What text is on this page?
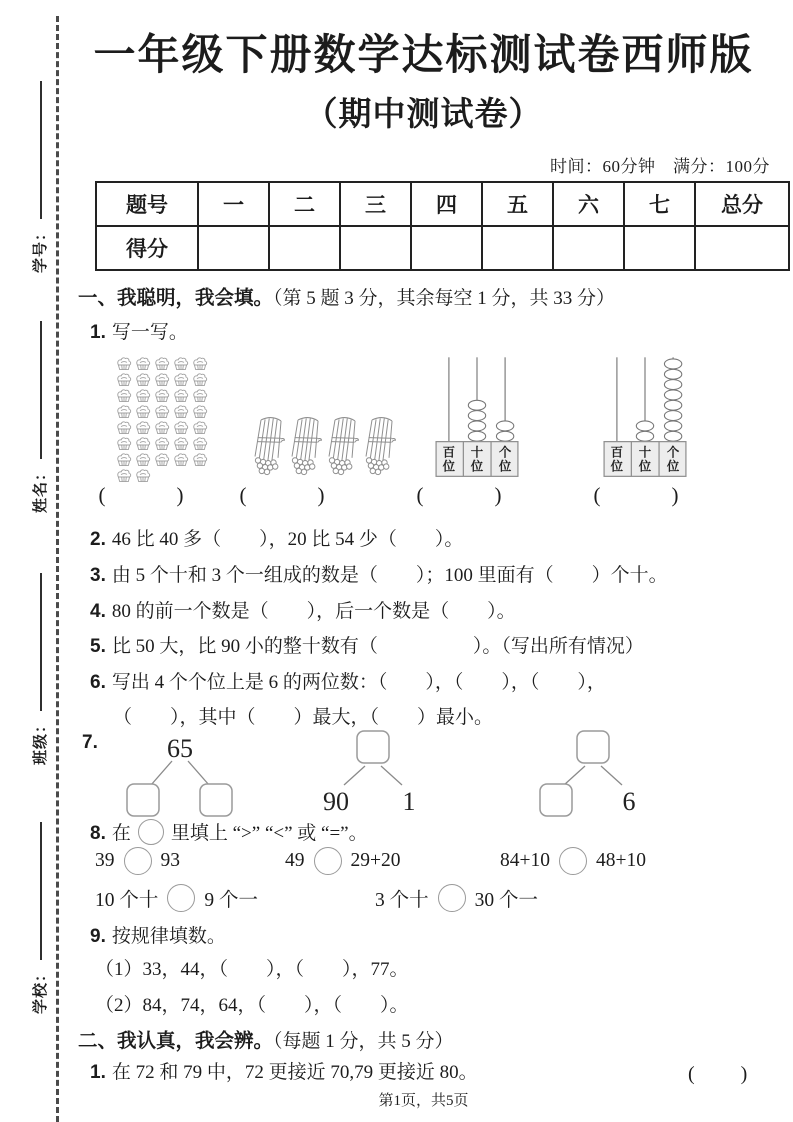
学号：
姓名：
班级：
学校：
一年级下册数学达标测试卷西师版
（期中测试卷）
时间：60分钟　满分：100分
题号	一	二	三	四	五	六	七	总分
得分								
一、我聪明，我会填。（第 5 题 3 分，其余每空 1 分，共 33 分）
1. 写一写。
百
位
十
位
个
位
百
位
十
位
个
位
(　　　)	(　　　)	(　　　)	(　　　)
2. 46 比 40 多（　　），20 比 54 少（　　）。
3. 由 5 个十和 3 个一组成的数是（　　）；100 里面有（　　）个十。
4. 80 的前一个数是（　　），后一个数是（　　）。
5. 比 50 大，比 90 小的整十数有（　　　　　）。（写出所有情况）
6. 写出 4 个个位上是 6 的两位数：（　　），（　　），（　　），
（　　），其中（　　）最大，（　　）最小。
7.	65
90 1	6
8. 在 里填上 “>” “<” 或 “=”。
39 93	49 29+20	84+10 48+10
10 个十 9 个一	3 个十 30 个一
9. 按规律填数。
（1）33，44，（　　），（　　），77。
（2）84，74，64，（　　），（　　）。
二、我认真，我会辨。（每题 1 分，共 5 分）
1. 在 72 和 79 中，72 更接近 70,79 更接近 80。	(　　)
第1页，共5页
